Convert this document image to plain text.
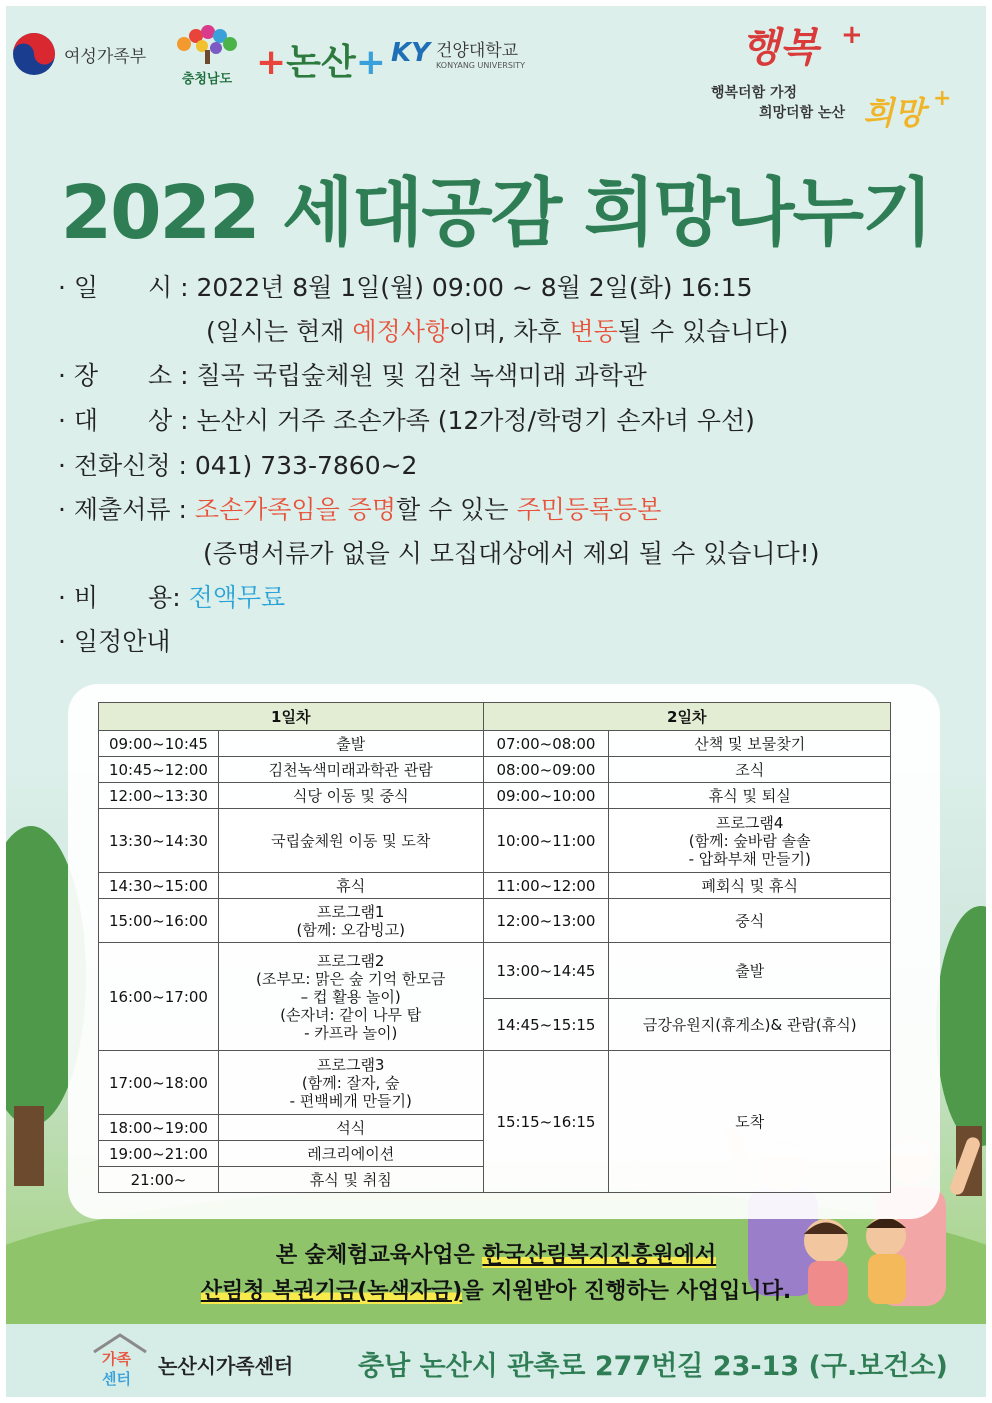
여성가족부
충청남도 +논산+ KY 건양대학교
KONYANG UNIVERSITY	행복 +
행복더함 가정
희망더함 논산 희망 +
2022 세대공감 희망나누기
· 일　　시 : 2022년 8월 1일(월) 09:00 ~ 8월 2일(화) 16:15
(일시는 현재 예정사항이며, 차후 변동될 수 있습니다)
· 장　　소 : 칠곡 국립숲체원 및 김천 녹색미래 과학관
· 대　　상 : 논산시 거주 조손가족 (12가정/학령기 손자녀 우선)
· 전화신청 : 041) 733-7860~2
· 제출서류 : 조손가족임을 증명할 수 있는 주민등록등본
(증명서류가 없을 시 모집대상에서 제외 될 수 있습니다!)
· 비　　용: 전액무료
· 일정안내
1일차		2일차	
09:00~10:45	출발	07:00~08:00	산책 및 보물찾기
10:45~12:00	김천녹색미래과학관 관람	08:00~09:00	조식
12:00~13:30	식당 이동 및 중식	09:00~10:00	휴식 및 퇴실
13:30~14:30	국립숲체원 이동 및 도착	10:00~11:00	프로그램4
(함께: 숲바람 솔솔
- 압화부채 만들기)
14:30~15:00	휴식	11:00~12:00	폐회식 및 휴식
15:00~16:00	프로그램1
(함께: 오감빙고)	12:00~13:00	중식
16:00~17:00	프로그램2
(조부모: 맑은 숲 기억 한모금
– 컵 활용 놀이)
(손자녀: 같이 나무 탑
- 카프라 놀이)	13:00~14:45	출발
		14:45~15:15	금강유원지(휴게소)& 관람(휴식)
17:00~18:00	프로그램3
(함께: 잘자, 숲
- 편백베개 만들기)	15:15~16:15	도착
18:00~19:00	석식		
19:00~21:00	레크리에이션		
21:00~	휴식 및 취침		
본 숲체험교육사업은 한국산림복지진흥원에서
산림청 복권기금(녹색자금)을 지원받아 진행하는 사업입니다.
가족
센터
논산시가족센터 충남 논산시 관촉로 277번길 23-13 (구.보건소)
